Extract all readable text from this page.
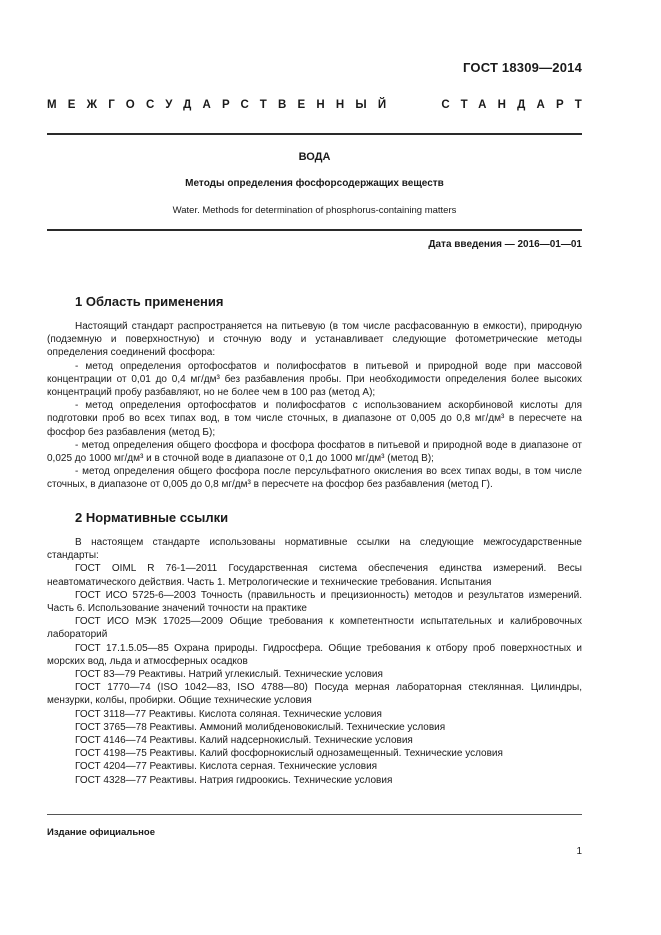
ГОСТ 18309—2014
МЕЖГОСУДАРСТВЕННЫЙ	СТАНДАРТ
ВОДА
Методы определения фосфорсодержащих веществ
Water. Methods for determination of phosphorus-containing matters
Дата введения — 2016—01—01
1 Область применения

Настоящий стандарт распространяется на питьевую (в том числе расфасованную в емкости), природную (подземную и поверхностную) и сточную воду и устанавливает следующие фотометрические методы определения соединений фосфора:

- метод определения ортофосфатов и полифосфатов в питьевой и природной воде при массовой концентрации от 0,01 до 0,4 мг/дм³ без разбавления пробы. При необходимости определения более высоких концентраций пробу разбавляют, но не более чем в 100 раз (метод А);

- метод определения ортофосфатов и полифосфатов с использованием аскорбиновой кислоты для подготовки проб во всех типах вод, в том числе сточных, в диапазоне от 0,005 до 0,8 мг/дм³ в пересчете на фосфор без разбавления (метод Б);

- метод определения общего фосфора и фосфора фосфатов в питьевой и природной воде в диапазоне от 0,025 до 1000 мг/дм³ и в сточной воде в диапазоне от 0,1 до 1000 мг/дм³ (метод В);

- метод определения общего фосфора после персульфатного окисления во всех типах воды, в том числе сточных, в диапазоне от 0,005 до 0,8 мг/дм³ в пересчете на фосфор без разбавления (метод Г).

2 Нормативные ссылки

В настоящем стандарте использованы нормативные ссылки на следующие межгосударственные стандарты:

ГОСТ OIML R 76-1—2011 Государственная система обеспечения единства измерений. Весы неавтоматического действия. Часть 1. Метрологические и технические требования. Испытания

ГОСТ ИСО 5725-6—2003 Точность (правильность и прецизионность) методов и результатов измерений. Часть 6. Использование значений точности на практике

ГОСТ ИСО МЭК 17025—2009 Общие требования к компетентности испытательных и калибровочных лабораторий

ГОСТ 17.1.5.05—85 Охрана природы. Гидросфера. Общие требования к отбору проб поверхностных и морских вод, льда и атмосферных осадков

ГОСТ 83—79 Реактивы. Натрий углекислый. Технические условия

ГОСТ 1770—74 (ISO 1042—83, ISO 4788—80) Посуда мерная лабораторная стеклянная. Цилиндры, мензурки, колбы, пробирки. Общие технические условия

ГОСТ 3118—77 Реактивы. Кислота соляная. Технические условия

ГОСТ 3765—78 Реактивы. Аммоний молибденовокислый. Технические условия

ГОСТ 4146—74 Реактивы. Калий надсернокислый. Технические условия

ГОСТ 4198—75 Реактивы. Калий фосфорнокислый однозамещенный. Технические условия

ГОСТ 4204—77 Реактивы. Кислота серная. Технические условия

ГОСТ 4328—77 Реактивы. Натрия гидроокись. Технические условия

Издание официальное
1
